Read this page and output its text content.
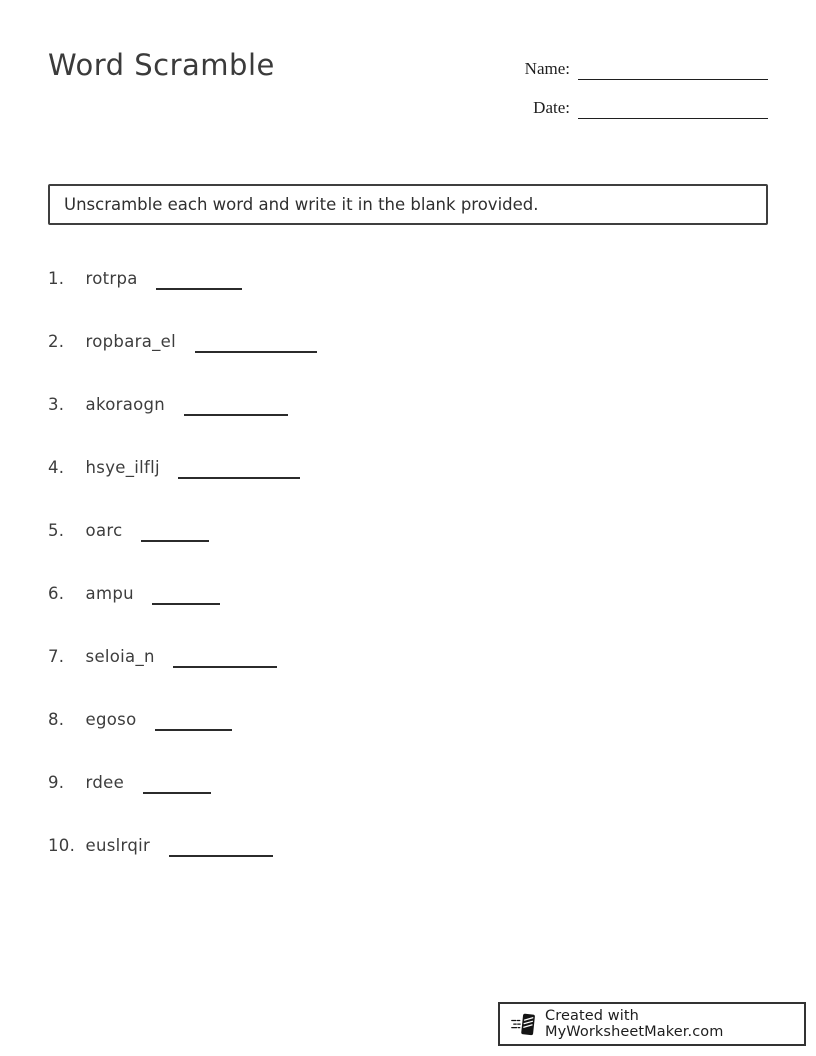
Word Scramble	Name:
Date:
Unscramble each word and write it in the blank provided.
1. rotrpa
2. ropbara_el
3. akoraogn
4. hsye_ilflj
5. oarc
6. ampu
7. seloia_n
8. egoso
9. rdee
10. euslrqir
Created with MyWorksheetMaker.com
